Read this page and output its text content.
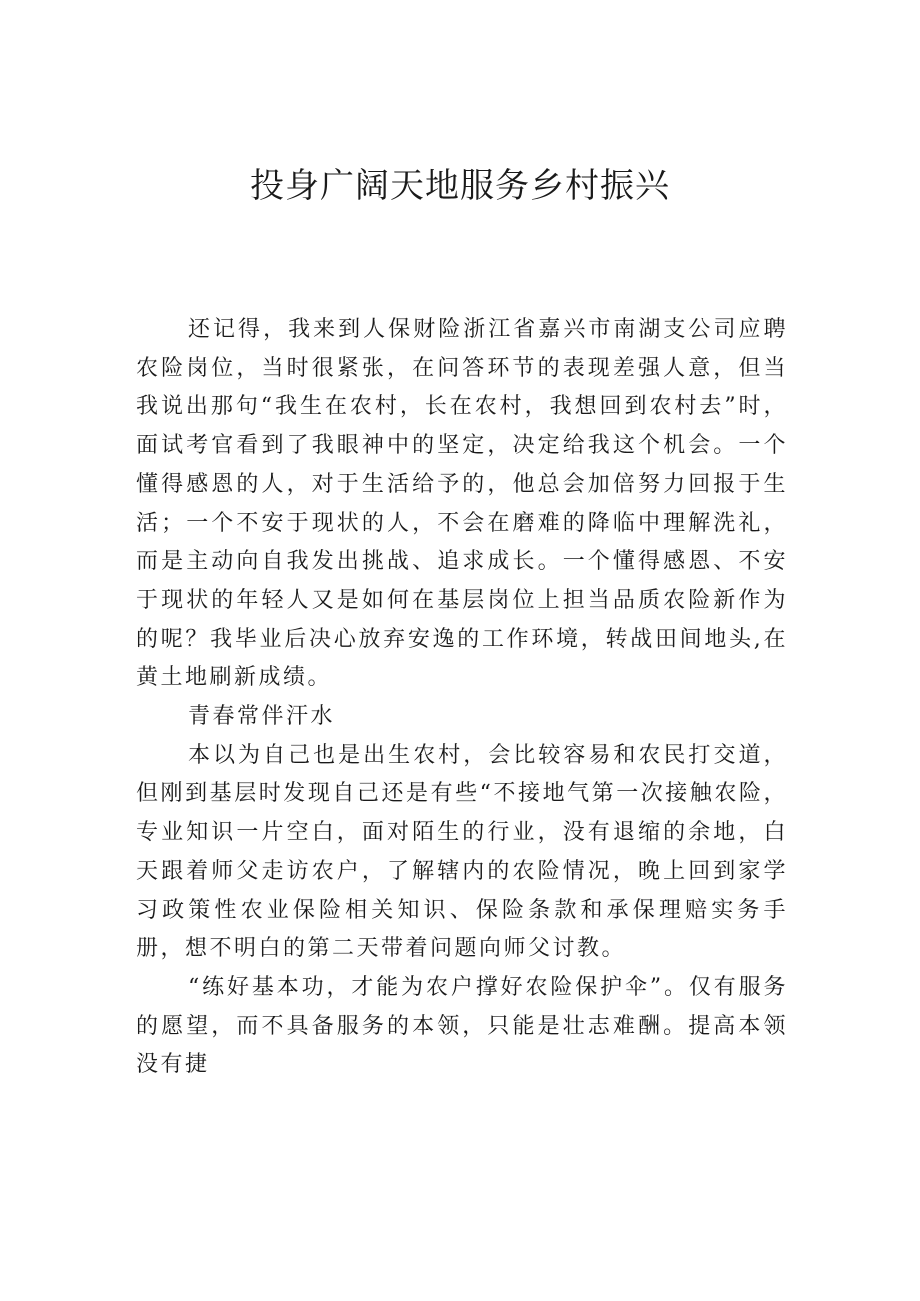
投身广阔天地服务乡村振兴

还记得，我来到人保财险浙江省嘉兴市南湖支公司应聘农险岗位，当时很紧张，在问答环节的表现差强人意，但当我说出那句“我生在农村，长在农村，我想回到农村去”时，面试考官看到了我眼神中的坚定，决定给我这个机会。一个懂得感恩的人，对于生活给予的，他总会加倍努力回报于生活；一个不安于现状的人，不会在磨难的降临中理解洗礼，而是主动向自我发出挑战、追求成长。一个懂得感恩、不安于现状的年轻人又是如何在基层岗位上担当品质农险新作为的呢？我毕业后决心放弃安逸的工作环境，转战田间地头,在黄土地刷新成绩。

青春常伴汗水

本以为自己也是出生农村，会比较容易和农民打交道，但刚到基层时发现自己还是有些“不接地气第一次接触农险，专业知识一片空白，面对陌生的行业，没有退缩的余地，白天跟着师父走访农户，了解辖内的农险情况，晚上回到家学习政策性农业保险相关知识、保险条款和承保理赔实务手册，想不明白的第二天带着问题向师父讨教。

“练好基本功，才能为农户撑好农险保护伞”。仅有服务的愿望，而不具备服务的本领，只能是壮志难酬。提高本领没有捷
